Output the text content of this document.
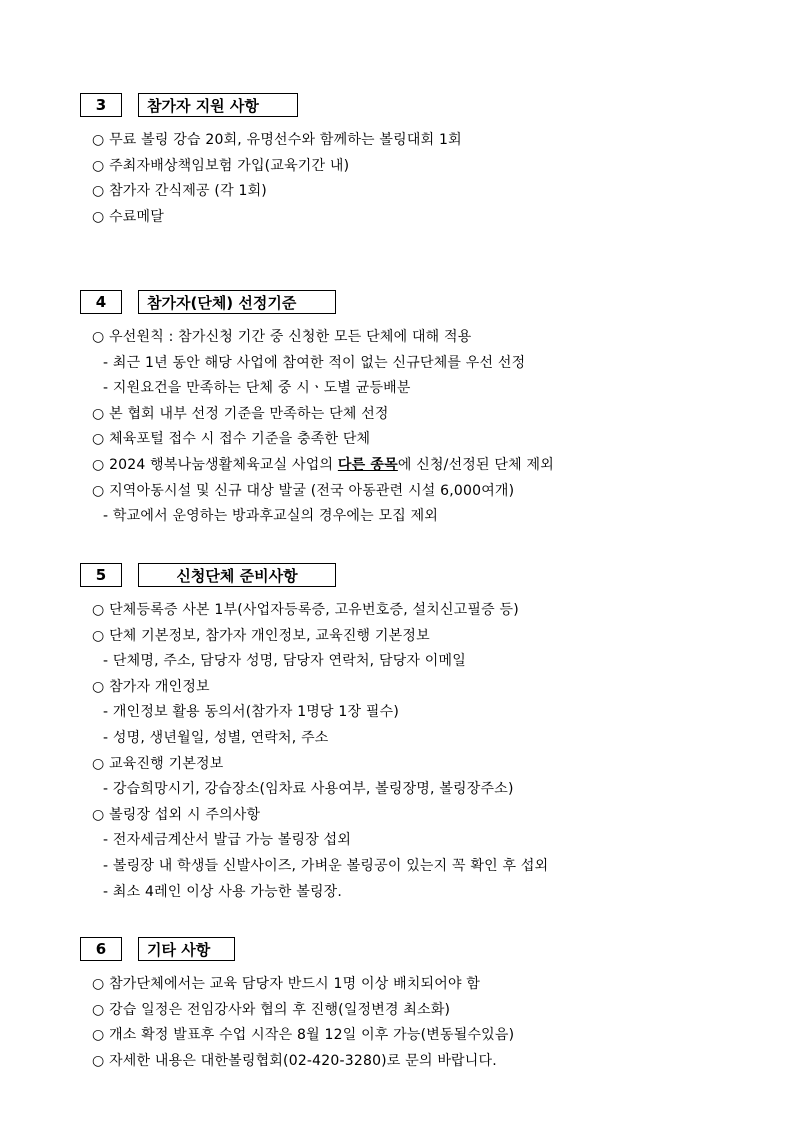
3	참가자 지원 사항
○ 무료 볼링 강습 20회, 유명선수와 함께하는 볼링대회 1회
○ 주최자배상책임보험 가입(교육기간 내)
○ 참가자 간식제공 (각 1회)
○ 수료메달
4	참가자(단체) 선정기준
○ 우선원칙 : 참가신청 기간 중 신청한 모든 단체에 대해 적용
- 최근 1년 동안 해당 사업에 참여한 적이 없는 신규단체를 우선 선정
- 지원요건을 만족하는 단체 중 시ㆍ도별 균등배분
○ 본 협회 내부 선정 기준을 만족하는 단체 선정
○ 체육포털 접수 시 접수 기준을 충족한 단체
○ 2024 행복나눔생활체육교실 사업의 다른 종목에 신청/선정된 단체 제외
○ 지역아동시설 및 신규 대상 발굴 (전국 아동관련 시설 6,000여개)
- 학교에서 운영하는 방과후교실의 경우에는 모집 제외
5	신청단체 준비사항
○ 단체등록증 사본 1부(사업자등록증, 고유번호증, 설치신고필증 등)
○ 단체 기본정보, 참가자 개인정보, 교육진행 기본정보
- 단체명, 주소, 담당자 성명, 담당자 연락처, 담당자 이메일
○ 참가자 개인정보
- 개인정보 활용 동의서(참가자 1명당 1장 필수)
- 성명, 생년월일, 성별, 연락처, 주소
○ 교육진행 기본정보
- 강습희망시기, 강습장소(임차료 사용여부, 볼링장명, 볼링장주소)
○ 볼링장 섭외 시 주의사항
- 전자세금계산서 발급 가능 볼링장 섭외
- 볼링장 내 학생들 신발사이즈, 가벼운 볼링공이 있는지 꼭 확인 후 섭외
- 최소 4레인 이상 사용 가능한 볼링장.
6	기타 사항
○ 참가단체에서는 교육 담당자 반드시 1명 이상 배치되어야 함
○ 강습 일정은 전임강사와 협의 후 진행(일정변경 최소화)
○ 개소 확정 발표후 수업 시작은 8월 12일 이후 가능(변동될수있음)
○ 자세한 내용은 대한볼링협회(02-420-3280)로 문의 바랍니다.
